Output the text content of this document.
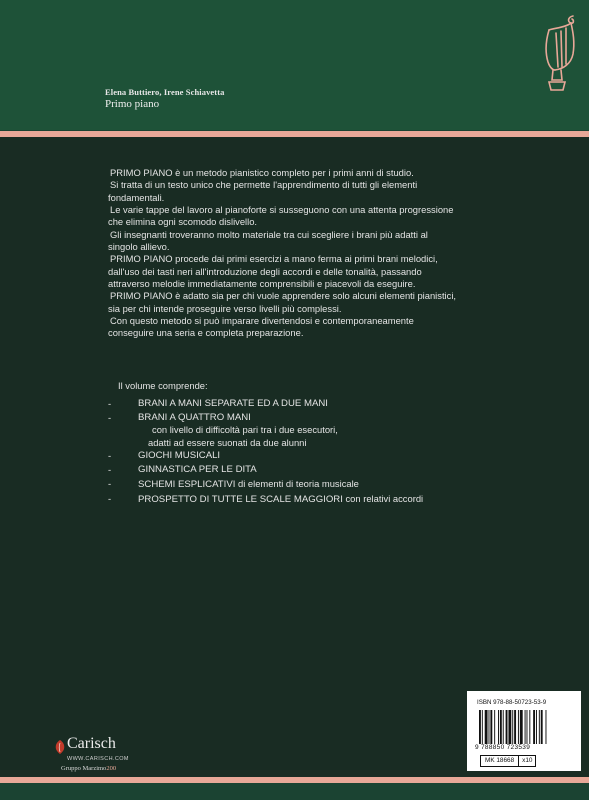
Elena Buttiero, Irene Schiavetta
Primo piano

PRIMO PIANO è un metodo pianistico completo per i primi anni di studio.

Si tratta di un testo unico che permette l'apprendimento di tutti gli elementi fondamentali.

Le varie tappe del lavoro al pianoforte si susseguono con una attenta progressione che elimina ogni scomodo dislivello.

Gli insegnanti troveranno molto materiale tra cui scegliere i brani più adatti al singolo allievo.

PRIMO PIANO procede dai primi esercizi a mano ferma ai primi brani melodici, dall'uso dei tasti neri all'introduzione degli accordi e delle tonalità, passando attraverso melodie immediatamente comprensibili e piacevoli da eseguire.

PRIMO PIANO è adatto sia per chi vuole apprendere solo alcuni elementi pianistici, sia per chi intende proseguire verso livelli più complessi.

Con questo metodo si può imparare divertendosi e contemporaneamente conseguire una seria e completa preparazione.

Il volume comprende:
-	BRANI A MANI SEPARATE ED A DUE MANI
-	BRANI A QUATTRO MANI
con livello di difficoltà pari tra i due esecutori,
adatti ad essere suonati da due alunni
-	GIOCHI MUSICALI
-	GINNASTICA PER LE DITA
-	SCHEMI ESPLICATIVI di elementi di teoria musicale
-	PROSPETTO DI TUTTE LE SCALE MAGGIORI con relativi accordi
Carisch
WWW.CARISCH.COM
Gruppo Marzimo200
ISBN 978-88-50723-53-9
9 788850 723539
MK 18668	x10
